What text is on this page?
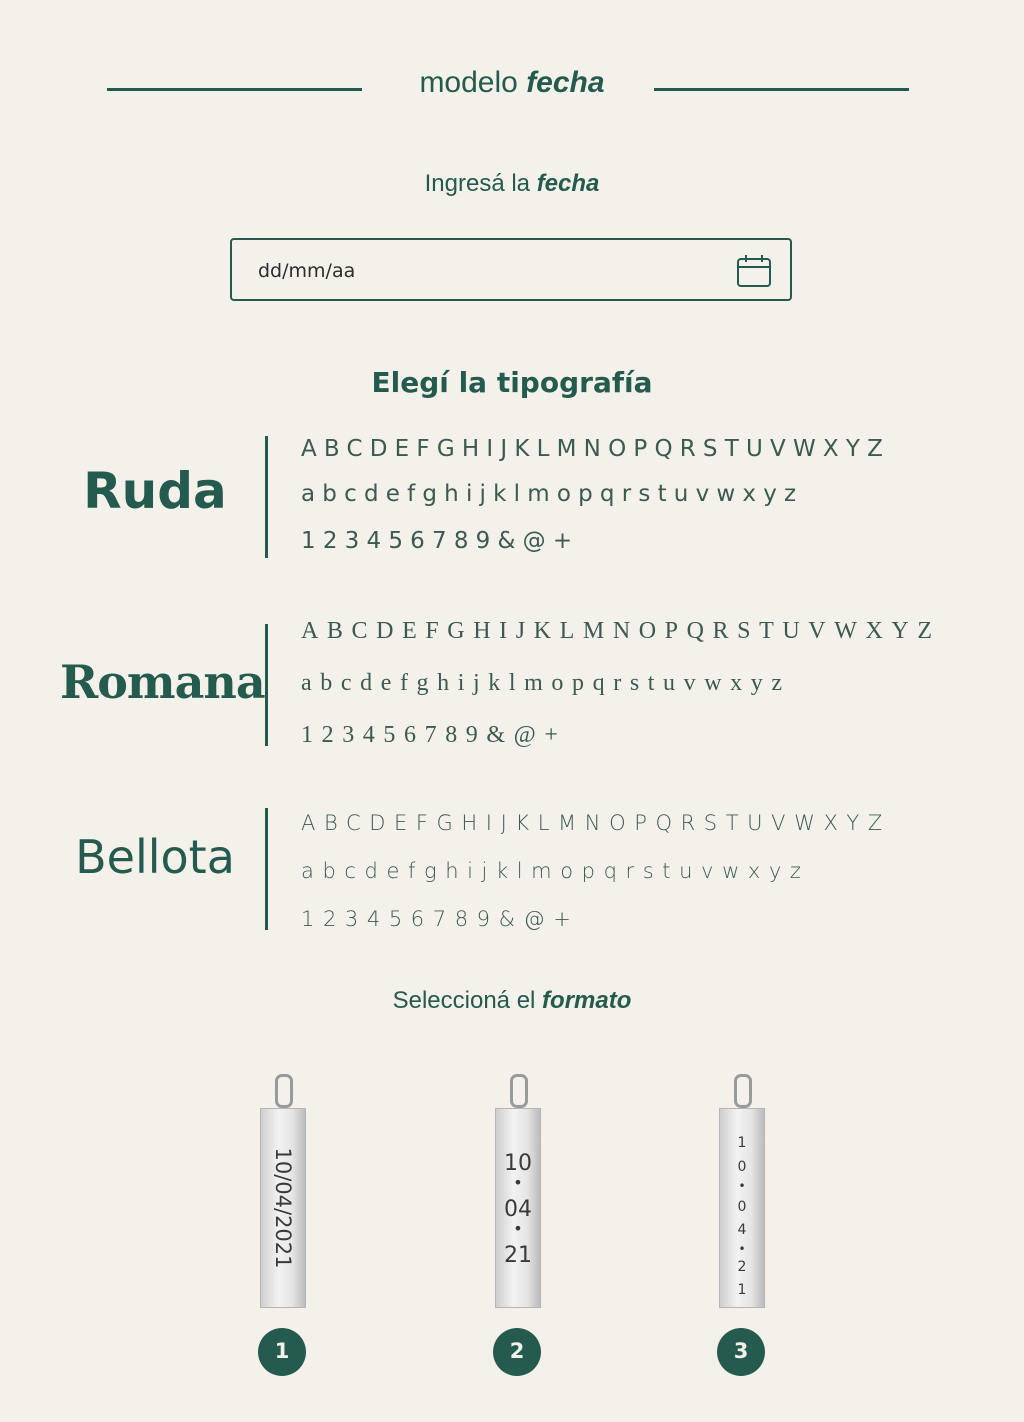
modelo fecha
Ingresá la fecha
dd/mm/aa
Elegí la tipografía
Ruda
ABCDEFGHIJKLMNOPQRSTUVWXYZ
abcdefghijklmopqrstuvwxyz
123456789&@+
Romana
ABCDEFGHIJKLMNOPQRSTUVWXYZ
abcdefghijklmopqrstuvwxyz
123456789&@+
Bellota
ABCDEFGHIJKLMNOPQRSTUVWXYZ
abcdefghijklmopqrstuvwxyz
123456789&@+
Seleccioná el formato
10/04/2021
1
10
•
04
•
21
2
1
0
•
0
4
•
2
1
3
